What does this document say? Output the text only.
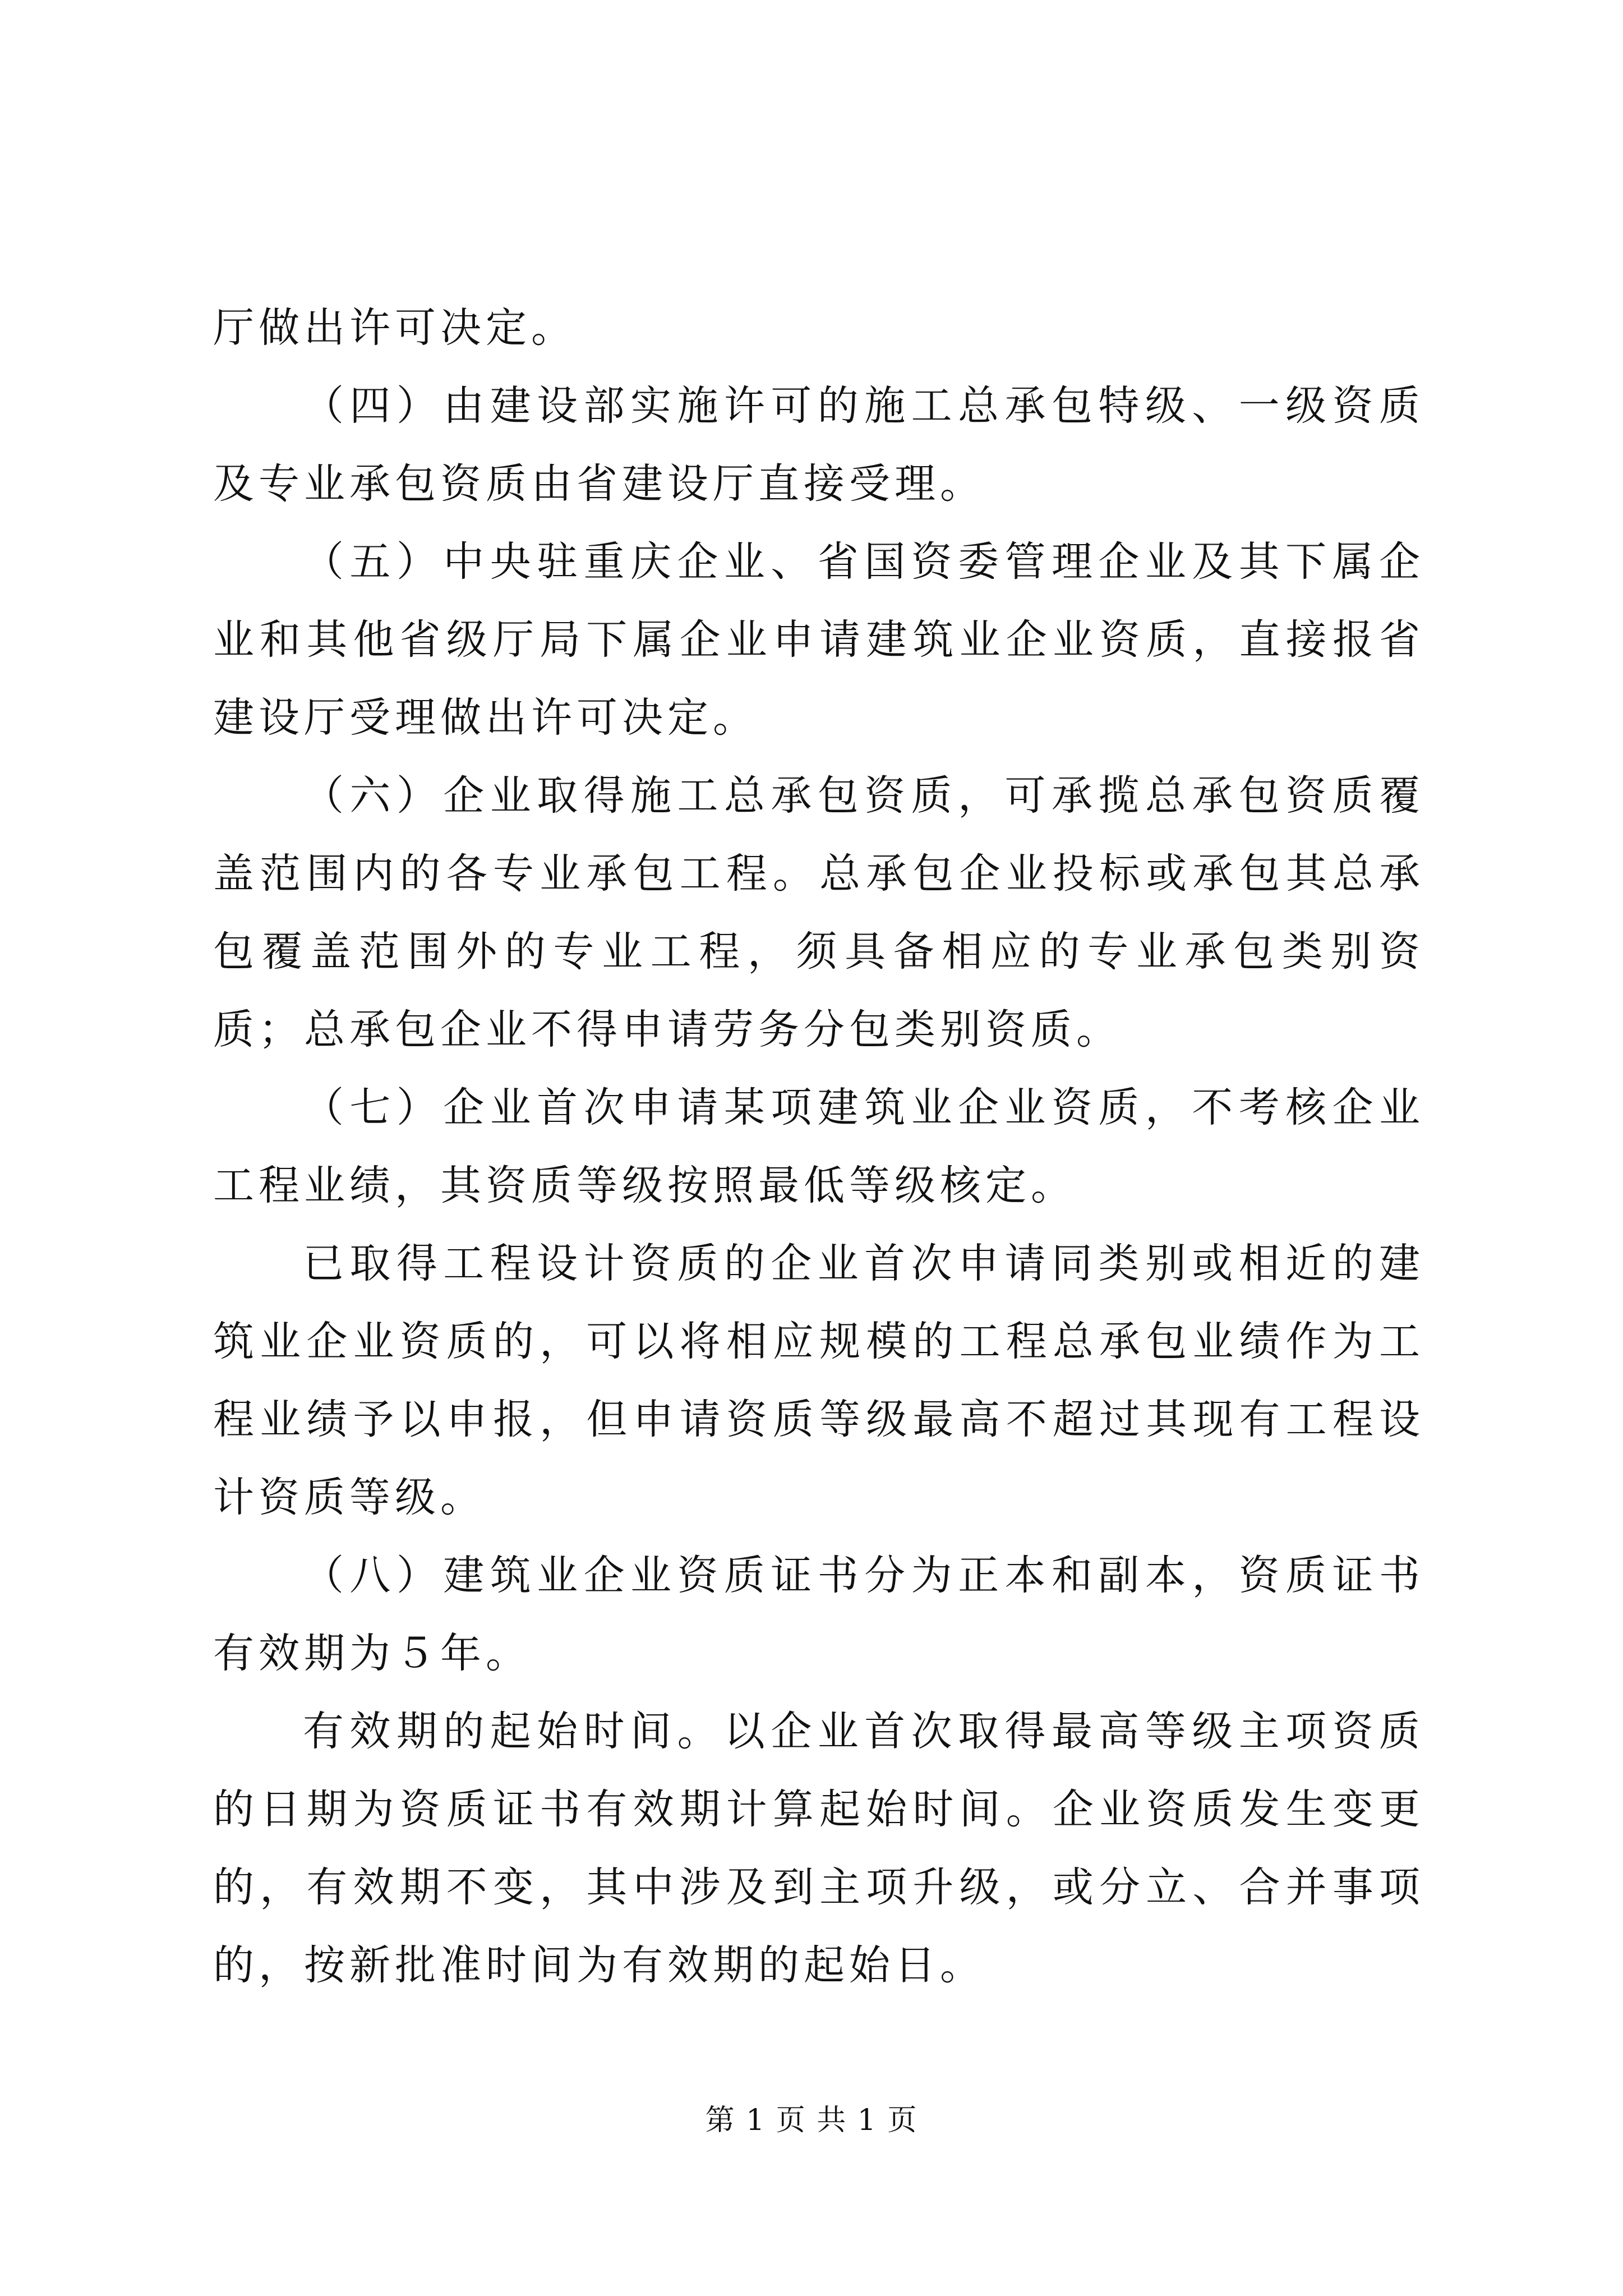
厅做出许可决定。

（四）由建设部实施许可的施工总承包特级、一级资质及专业承包资质由省建设厅直接受理。

（五）中央驻重庆企业、省国资委管理企业及其下属企业和其他省级厅局下属企业申请建筑业企业资质，直接报省建设厅受理做出许可决定。

（六）企业取得施工总承包资质，可承揽总承包资质覆盖范围内的各专业承包工程。总承包企业投标或承包其总承包覆盖范围外的专业工程，须具备相应的专业承包类别资质；总承包企业不得申请劳务分包类别资质。

（七）企业首次申请某项建筑业企业资质，不考核企业工程业绩，其资质等级按照最低等级核定。

已取得工程设计资质的企业首次申请同类别或相近的建筑业企业资质的，可以将相应规模的工程总承包业绩作为工程业绩予以申报，但申请资质等级最高不超过其现有工程设计资质等级。

（八）建筑业企业资质证书分为正本和副本，资质证书有效期为５年。

有效期的起始时间。以企业首次取得最高等级主项资质的日期为资质证书有效期计算起始时间。企业资质发生变更的，有效期不变，其中涉及到主项升级，或分立、合并事项的，按新批准时间为有效期的起始日。

第 1 页 共 1 页
